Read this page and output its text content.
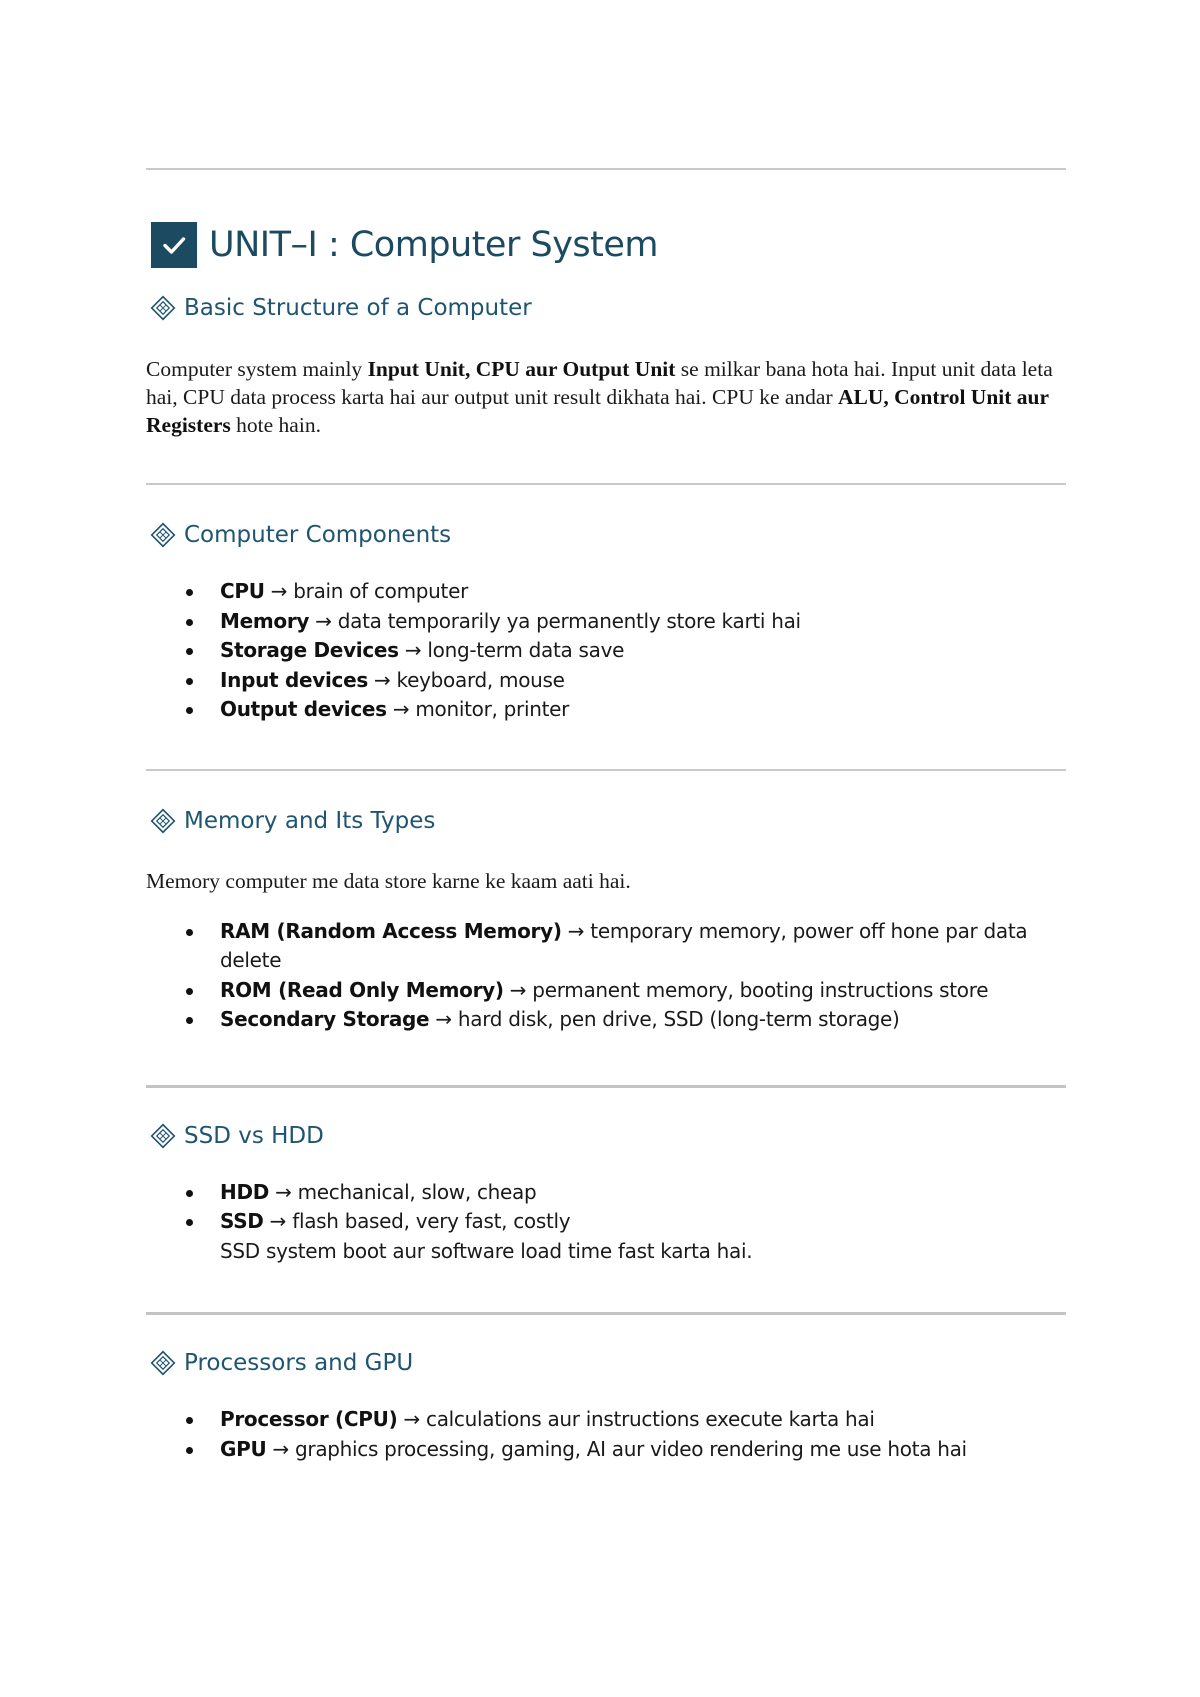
UNIT–I : Computer System
Basic Structure of a Computer

Computer system mainly Input Unit, CPU aur Output Unit se milkar bana hota hai. Input unit data leta hai, CPU data process karta hai aur output unit result dikhata hai. CPU ke andar ALU, Control Unit aur Registers hote hain.

Computer Components
CPU → brain of computer
Memory → data temporarily ya permanently store karti hai
Storage Devices → long-term data save
Input devices → keyboard, mouse
Output devices → monitor, printer
Memory and Its Types

Memory computer me data store karne ke kaam aati hai.

RAM (Random Access Memory) → temporary memory, power off hone par data delete
ROM (Read Only Memory) → permanent memory, booting instructions store
Secondary Storage → hard disk, pen drive, SSD (long-term storage)
SSD vs HDD
HDD → mechanical, slow, cheap
SSD → flash based, very fast, costly
SSD system boot aur software load time fast karta hai.
Processors and GPU
Processor (CPU) → calculations aur instructions execute karta hai
GPU → graphics processing, gaming, AI aur video rendering me use hota hai
